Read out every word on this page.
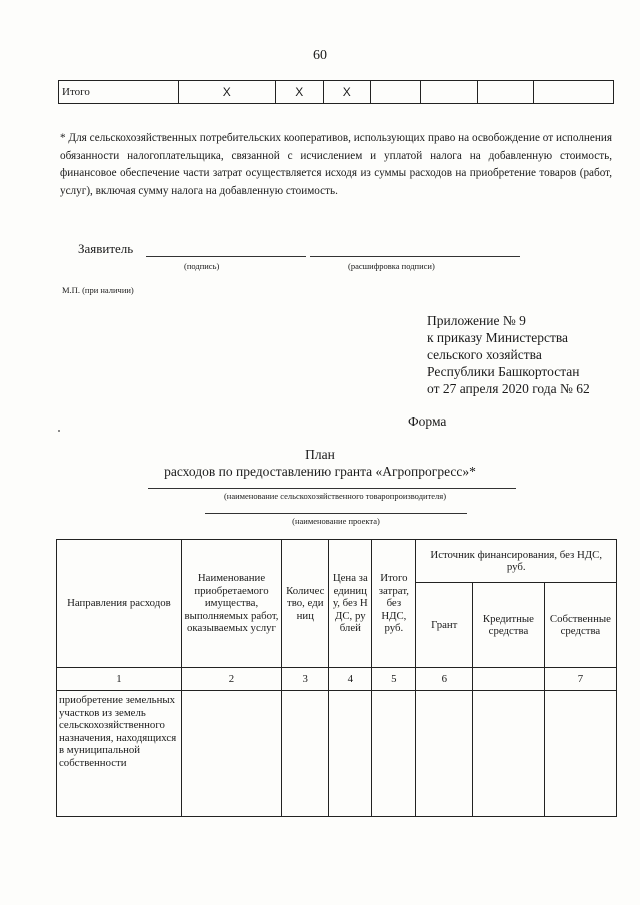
60
Итого	Х	Х	Х				
* Для сельскохозяйственных потребительских кооперативов, использующих право на освобождение от исполнения обязанности налогоплательщика, связанной с исчислением и уплатой налога на добавленную стоимость, финансовое обеспечение части затрат осуществляется исходя из суммы расходов на приобретение товаров (работ, услуг), включая сумму налога на добавленную стоимость.
Заявитель
(подпись)	(расшифровка подписи)
М.П. (при наличии)
Приложение № 9
к приказу Министерства
сельского хозяйства
Республики Башкортостан
от 27 апреля 2020 года № 62
Форма
План
расходов по предоставлению гранта «Агропрогресс»*
(наименование сельскохозяйственного товаропроизводителя)
(наименование проекта)
Направления расходов	Наименование приобретаемого имущества, выполняемых работ, оказываемых услуг	Количество, единиц	Цена за единицу, без НДС, рублей	Итого затрат, без НДС, руб.	Источник финансирования, без НДС, руб.		
					Грант	Кредитные средства	Собственные средства
1	2	3	4	5	6		7
приобретение земельных участков из земель сельскохозяйственного назначения, находящихся в муниципальной собственности							
